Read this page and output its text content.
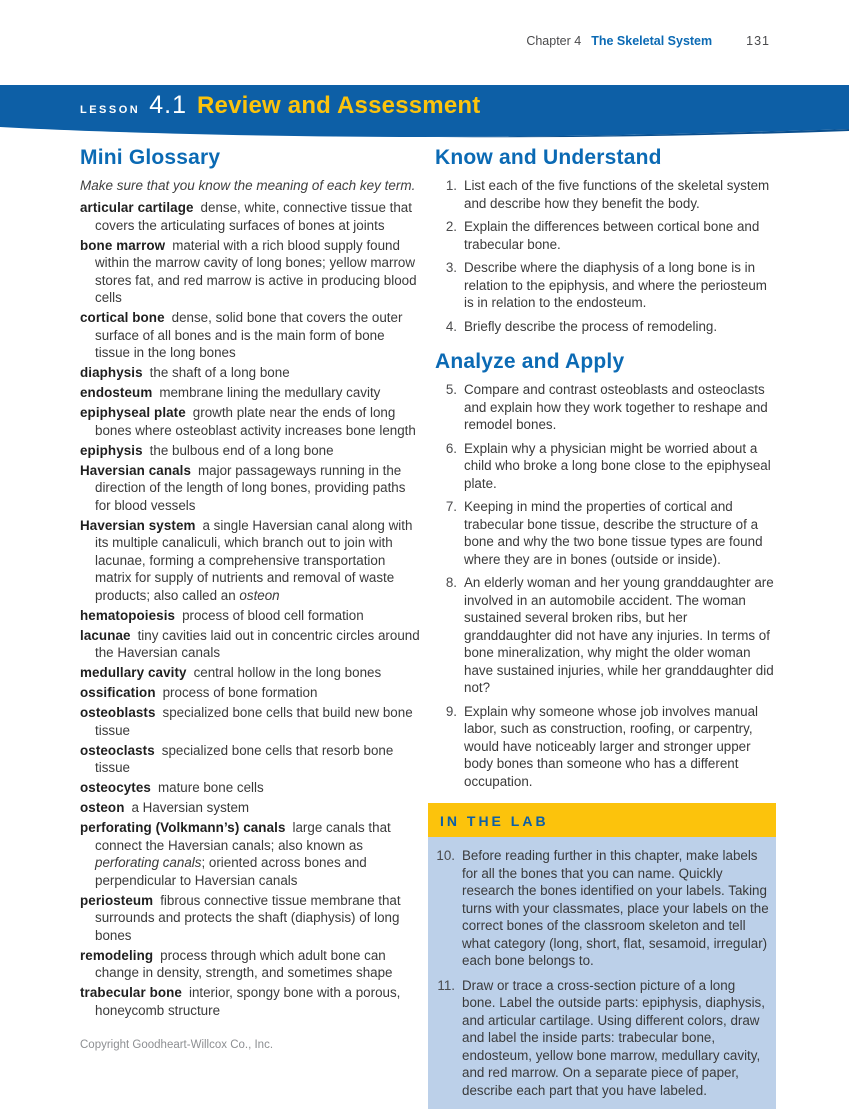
Chapter 4 The Skeletal System	131
LESSON 4.1 Review and Assessment
Mini Glossary

Make sure that you know the meaning of each key term.

articular cartilage dense, white, connective tissue that covers the articulating surfaces of bones at joints

bone marrow material with a rich blood supply found within the marrow cavity of long bones; yellow marrow stores fat, and red marrow is active in producing blood cells

cortical bone dense, solid bone that covers the outer surface of all bones and is the main form of bone tissue in the long bones

diaphysis the shaft of a long bone

endosteum membrane lining the medullary cavity

epiphyseal plate growth plate near the ends of long bones where osteoblast activity increases bone length

epiphysis the bulbous end of a long bone

Haversian canals major passageways running in the direction of the length of long bones, providing paths for blood vessels

Haversian system a single Haversian canal along with its multiple canaliculi, which branch out to join with lacunae, forming a comprehensive transportation matrix for supply of nutrients and removal of waste products; also called an osteon

hematopoiesis process of blood cell formation

lacunae tiny cavities laid out in concentric circles around the Haversian canals

medullary cavity central hollow in the long bones

ossification process of bone formation

osteoblasts specialized bone cells that build new bone tissue

osteoclasts specialized bone cells that resorb bone tissue

osteocytes mature bone cells

osteon a Haversian system

perforating (Volkmann’s) canals large canals that connect the Haversian canals; also known as perforating canals; oriented across bones and perpendicular to Haversian canals

periosteum fibrous connective tissue membrane that surrounds and protects the shaft (diaphysis) of long bones

remodeling process through which adult bone can change in density, strength, and sometimes shape

trabecular bone interior, spongy bone with a porous, honeycomb structure

Know and Understand
1. List each of the five functions of the skeletal system and describe how they benefit the body.
2. Explain the differences between cortical bone and trabecular bone.
3. Describe where the diaphysis of a long bone is in relation to the epiphysis, and where the periosteum is in relation to the endosteum.
4. Briefly describe the process of remodeling.
Analyze and Apply
5. Compare and contrast osteoblasts and osteoclasts and explain how they work together to reshape and remodel bones.
6. Explain why a physician might be worried about a child who broke a long bone close to the epiphyseal plate.
7. Keeping in mind the properties of cortical and trabecular bone tissue, describe the structure of a bone and why the two bone tissue types are found where they are in bones (outside or inside).
8. An elderly woman and her young granddaughter are involved in an automobile accident. The woman sustained several broken ribs, but her granddaughter did not have any injuries. In terms of bone mineralization, why might the older woman have sustained injuries, while her granddaughter did not?
9. Explain why someone whose job involves manual labor, such as construction, roofing, or carpentry, would have noticeably larger and stronger upper body bones than someone who has a different occupation.
IN THE LAB
10. Before reading further in this chapter, make labels for all the bones that you can name. Quickly research the bones identified on your labels. Taking turns with your classmates, place your labels on the correct bones of the classroom skeleton and tell what category (long, short, flat, sesamoid, irregular) each bone belongs to.
11. Draw or trace a cross-section picture of a long bone. Label the outside parts: epiphysis, diaphysis, and articular cartilage. Using different colors, draw and label the inside parts: trabecular bone, endosteum, yellow bone marrow, medullary cavity, and red marrow. On a separate piece of paper, describe each part that you have labeled.
Copyright Goodheart-Willcox Co., Inc.
